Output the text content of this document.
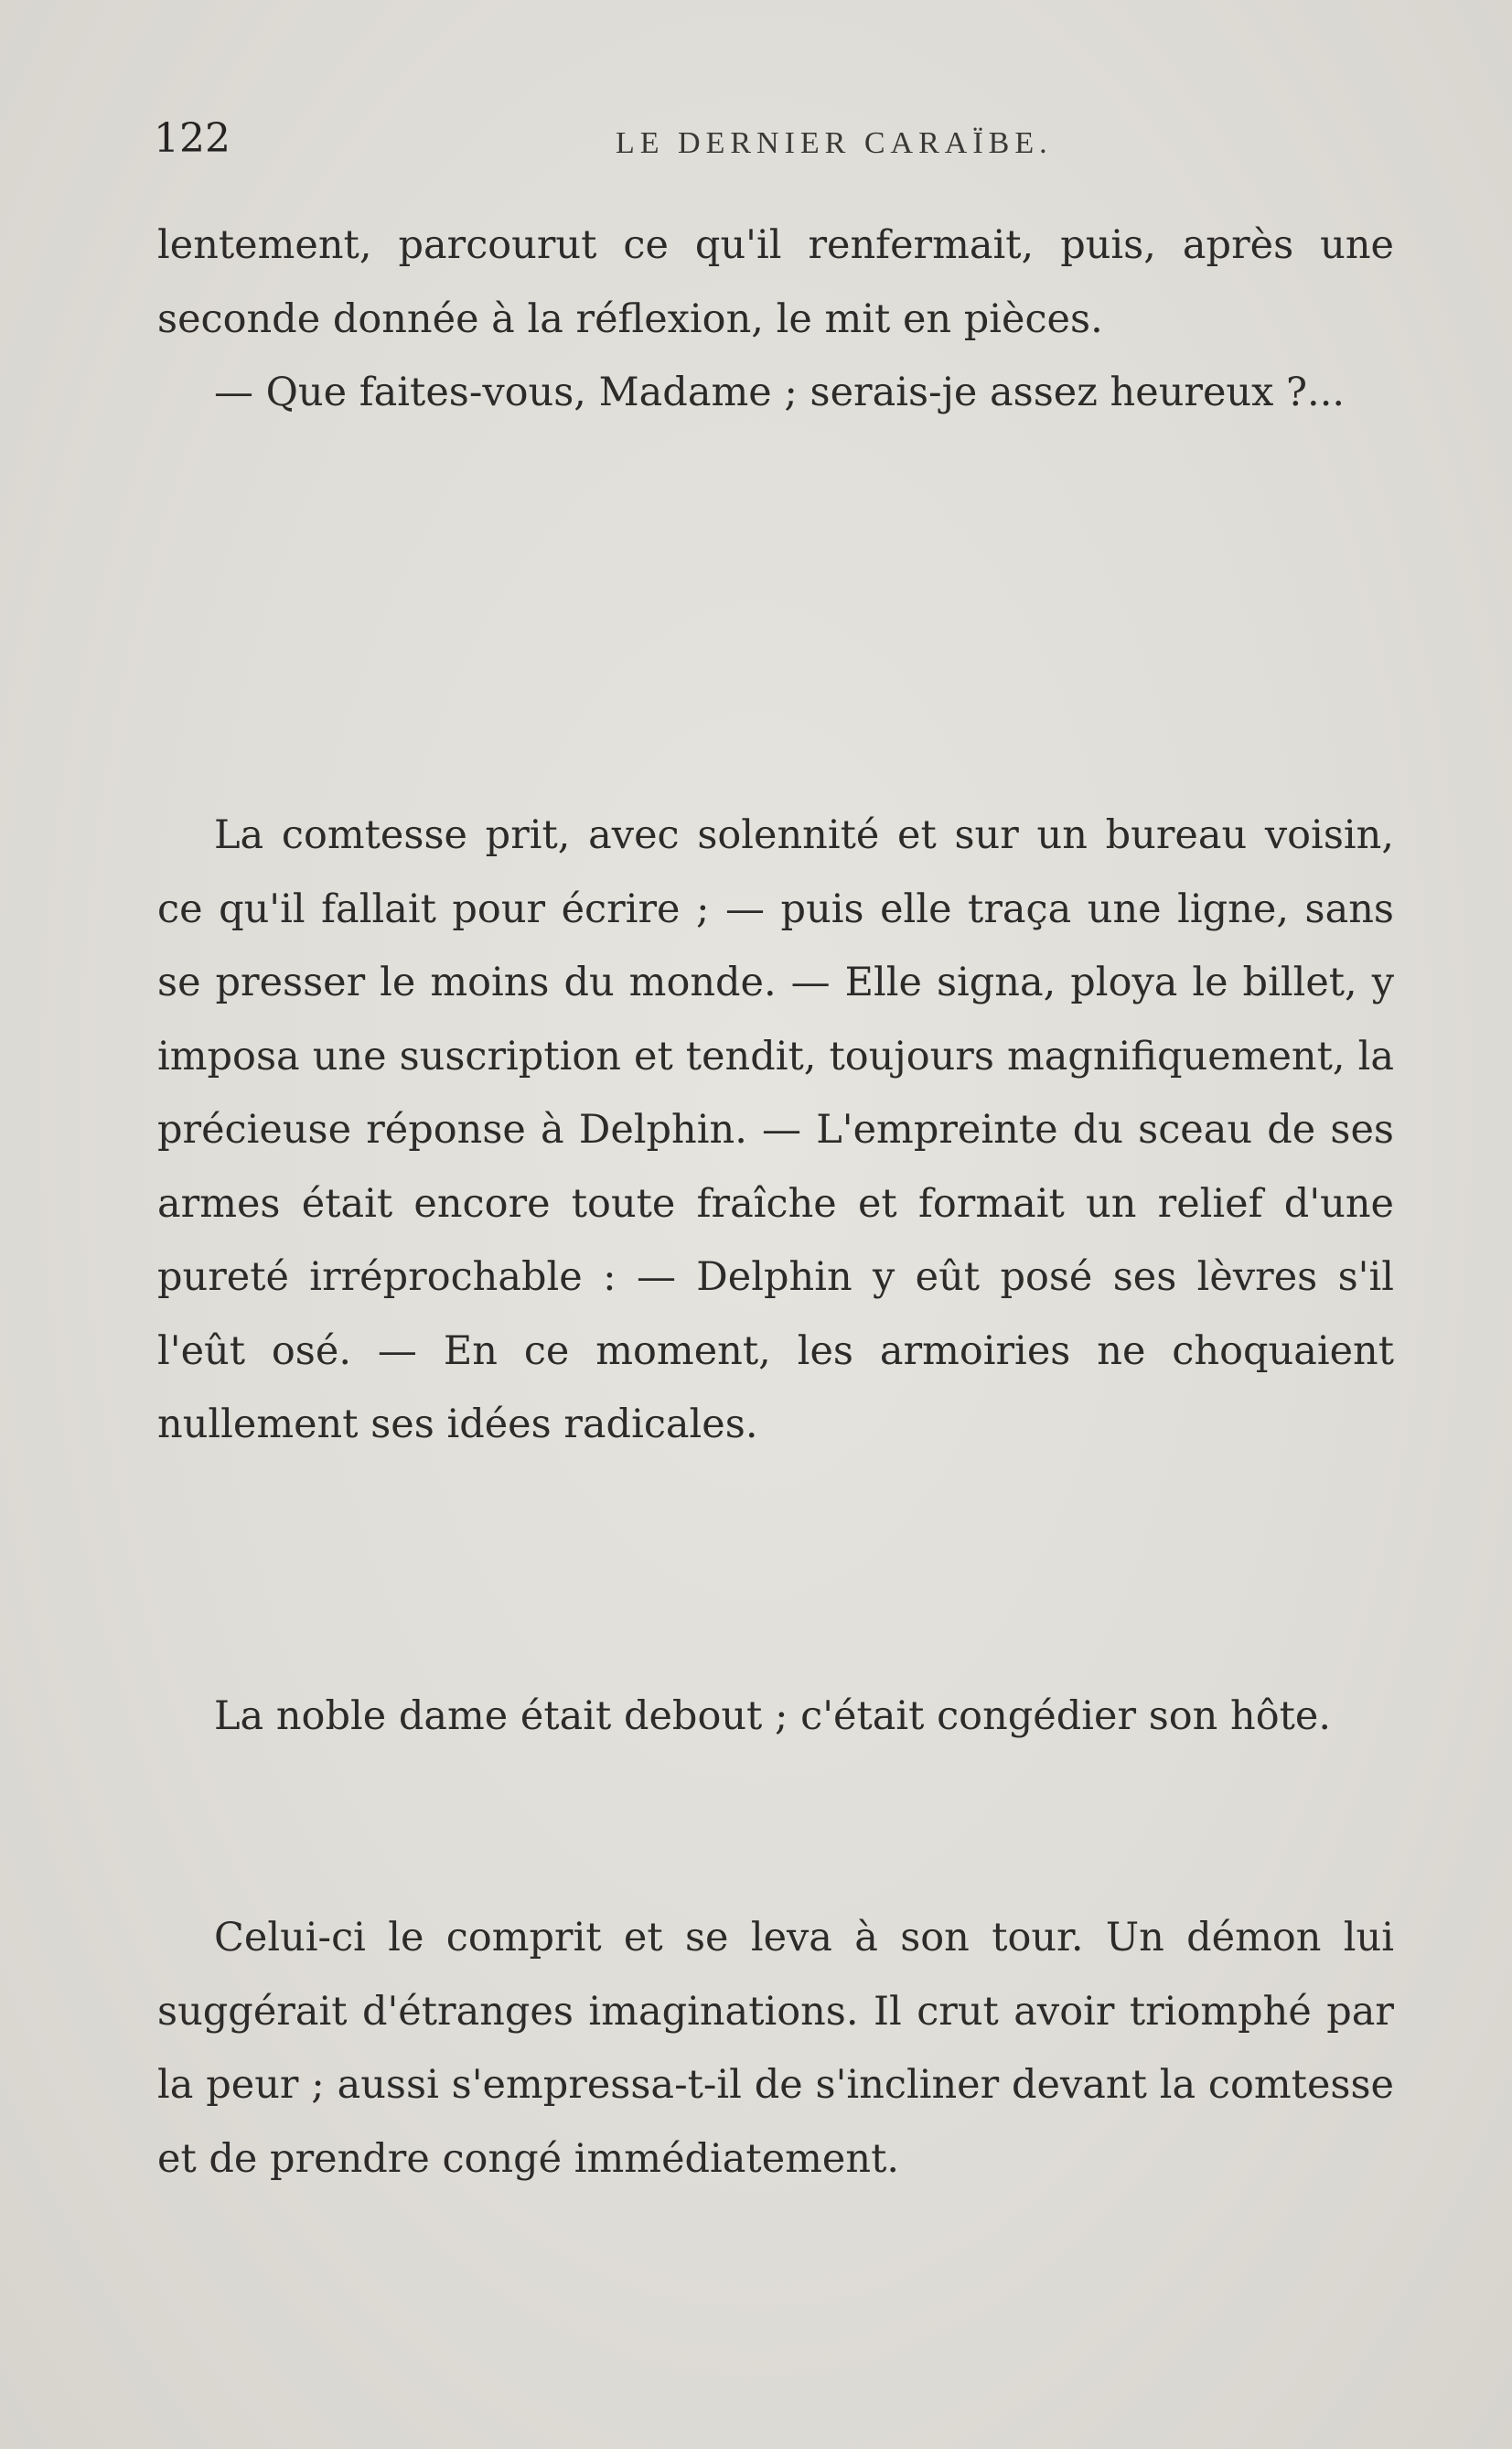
122	LE DERNIER CARAÏBE.

lentement, parcourut ce qu'il renfermait, puis, après une seconde donnée à la réflexion, le mit en pièces.

— Que faites-vous, Madame ; serais-je assez heureux ?...

La comtesse prit, avec solennité et sur un bureau voisin, ce qu'il fallait pour écrire ; — puis elle traça une ligne, sans se presser le moins du monde. — Elle signa, ploya le billet, y imposa une suscription et tendit, toujours magnifiquement, la précieuse réponse à Delphin. — L'empreinte du sceau de ses armes était encore toute fraîche et formait un relief d'une pureté irréprochable : — Delphin y eût posé ses lèvres s'il l'eût osé. — En ce moment, les armoiries ne choquaient nullement ses idées radicales.

La noble dame était debout ; c'était congédier son hôte.

Celui-ci le comprit et se leva à son tour. Un démon lui suggérait d'étranges imaginations. Il crut avoir triomphé par la peur ; aussi s'empressa-t-il de s'incliner devant la comtesse et de prendre congé immédiatement.
